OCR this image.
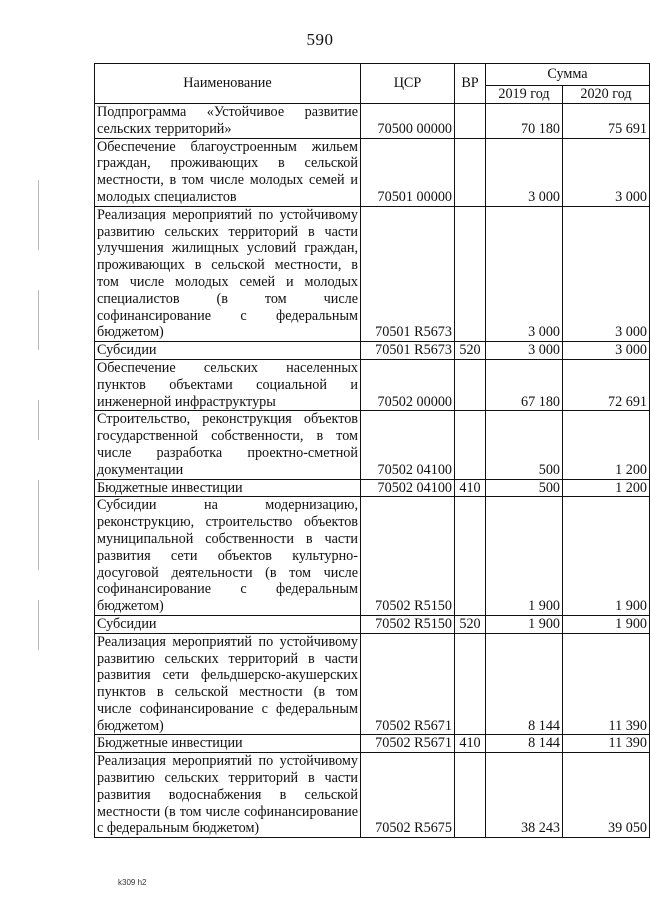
590
Наименование	ЦСР	ВР	Сумма	
			2019 год	2020 год
Подпрограмма «Устойчивое развитие сельских территорий»	70500 00000		70 180	75 691
Обеспечение благоустроенным жильем граждан, проживающих в сельской местности, в том числе молодых семей и молодых специалистов	70501 00000		3 000	3 000
Реализация мероприятий по устойчивому развитию сельских территорий в части улучшения жилищных условий граждан, проживающих в сельской местности, в том числе молодых семей и молодых специалистов (в том числе софинансирование с федеральным бюджетом)	70501 R5673		3 000	3 000
Субсидии	70501 R5673	520	3 000	3 000
Обеспечение сельских населенных пунктов объектами социальной и инженерной инфраструктуры	70502 00000		67 180	72 691
Строительство, реконструкция объектов государственной собственности, в том числе разработка проектно-сметной документации	70502 04100		500	1 200
Бюджетные инвестиции	70502 04100	410	500	1 200
Субсидии на модернизацию, реконструкцию, строительство объектов муниципальной собственности в части развития сети объектов культурно-досуговой деятельности (в том числе софинансирование с федеральным бюджетом)	70502 R5150		1 900	1 900
Субсидии	70502 R5150	520	1 900	1 900
Реализация мероприятий по устойчивому развитию сельских территорий в части развития сети фельдшерско-акушерских пунктов в сельской местности (в том числе софинансирование с федеральным бюджетом)	70502 R5671		8 144	11 390
Бюджетные инвестиции	70502 R5671	410	8 144	11 390
Реализация мероприятий по устойчивому развитию сельских территорий в части развития водоснабжения в сельской местности (в том числе софинансирование с федеральным бюджетом)	70502 R5675		38 243	39 050
k309 h2
